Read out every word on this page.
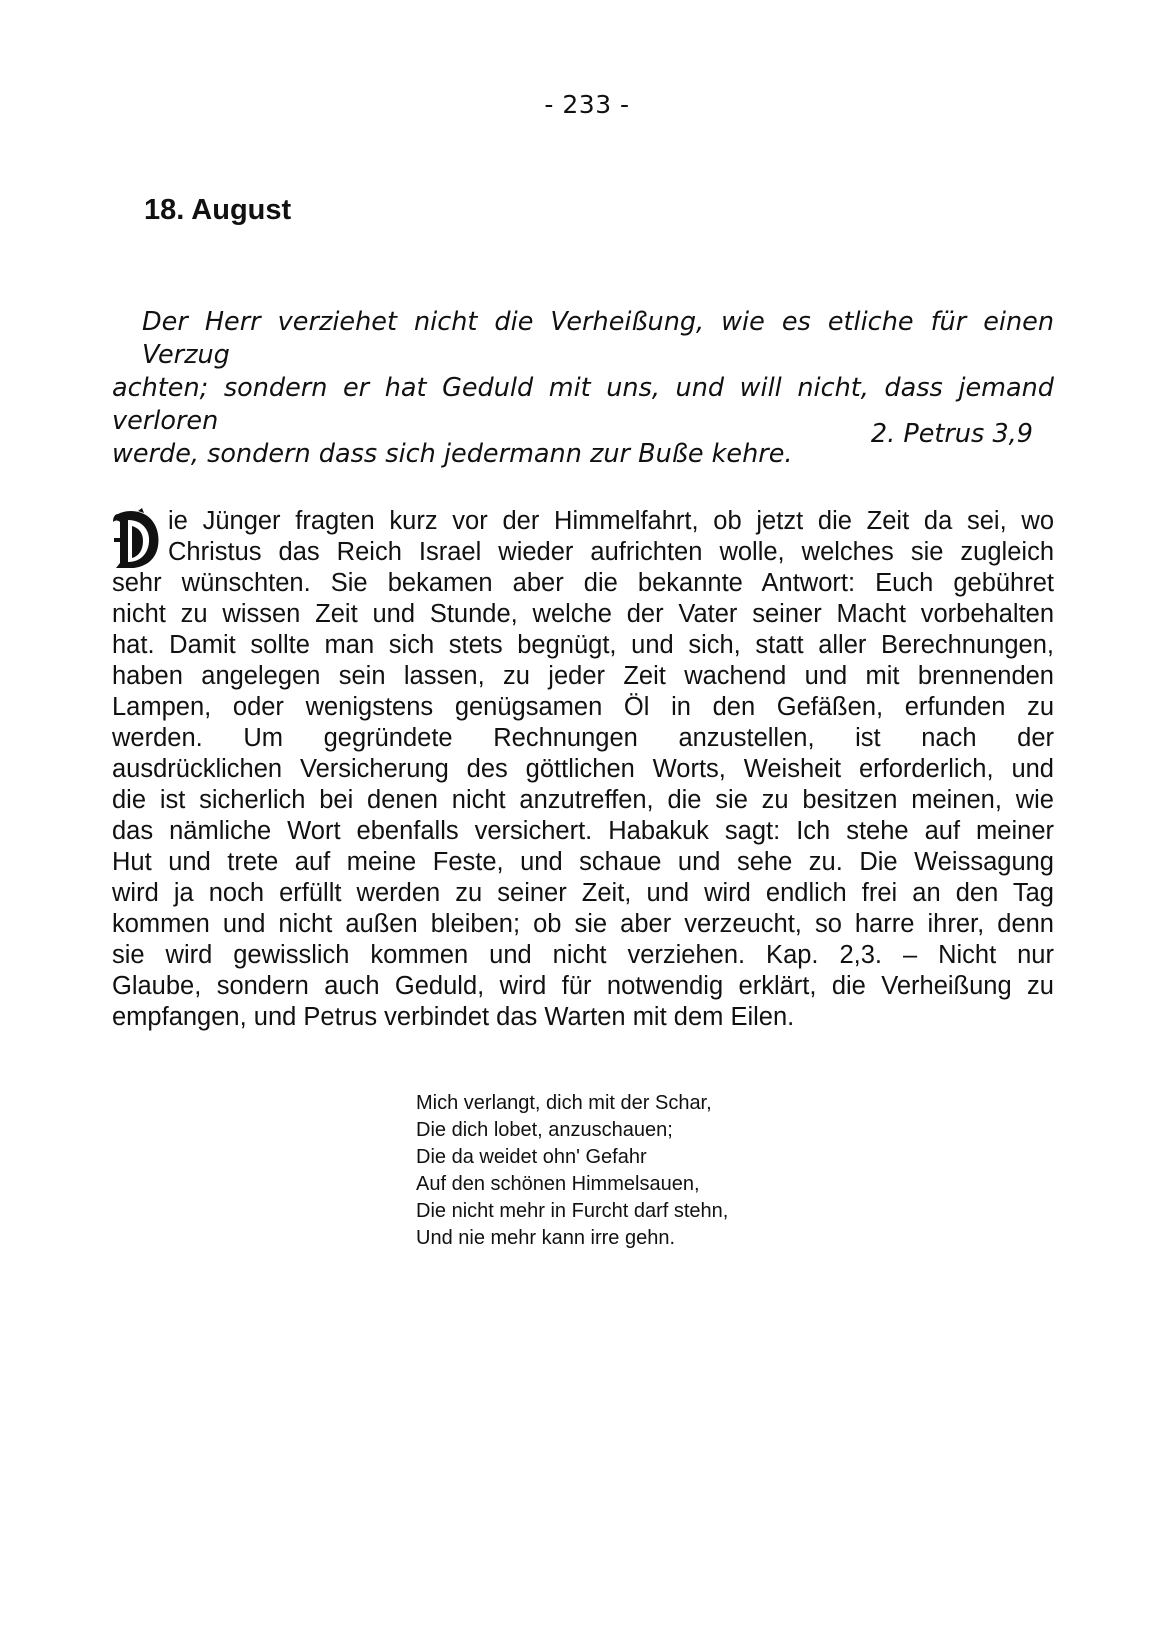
- 233 -
18. August
Der Herr verziehet nicht die Verheißung, wie es etliche für einen Verzug
achten; sondern er hat Geduld mit uns, und will nicht, dass jemand verloren
werde, sondern dass sich jedermann zur Buße kehre.
2. Petrus 3,9
ie Jünger fragten kurz vor der Himmelfahrt, ob jetzt die Zeit da sei, wo
Christus das Reich Israel wieder aufrichten wolle, welches sie zugleich
sehr wünschten. Sie bekamen aber die bekannte Antwort: Euch gebühret
nicht zu wissen Zeit und Stunde, welche der Vater seiner Macht vorbehalten
hat. Damit sollte man sich stets begnügt, und sich, statt aller Berechnungen,
haben angelegen sein lassen, zu jeder Zeit wachend und mit brennenden
Lampen, oder wenigstens genügsamen Öl in den Gefäßen, erfunden zu
werden. Um gegründete Rechnungen anzustellen, ist nach der
ausdrücklichen Versicherung des göttlichen Worts, Weisheit erforderlich, und
die ist sicherlich bei denen nicht anzutreffen, die sie zu besitzen meinen, wie
das nämliche Wort ebenfalls versichert. Habakuk sagt: Ich stehe auf meiner
Hut und trete auf meine Feste, und schaue und sehe zu. Die Weissagung
wird ja noch erfüllt werden zu seiner Zeit, und wird endlich frei an den Tag
kommen und nicht außen bleiben; ob sie aber verzeucht, so harre ihrer, denn
sie wird gewisslich kommen und nicht verziehen. Kap. 2,3. – Nicht nur
Glaube, sondern auch Geduld, wird für notwendig erklärt, die Verheißung zu
empfangen, und Petrus verbindet das Warten mit dem Eilen.
Mich verlangt, dich mit der Schar,
Die dich lobet, anzuschauen;
Die da weidet ohn' Gefahr
Auf den schönen Himmelsauen,
Die nicht mehr in Furcht darf stehn,
Und nie mehr kann irre gehn.
